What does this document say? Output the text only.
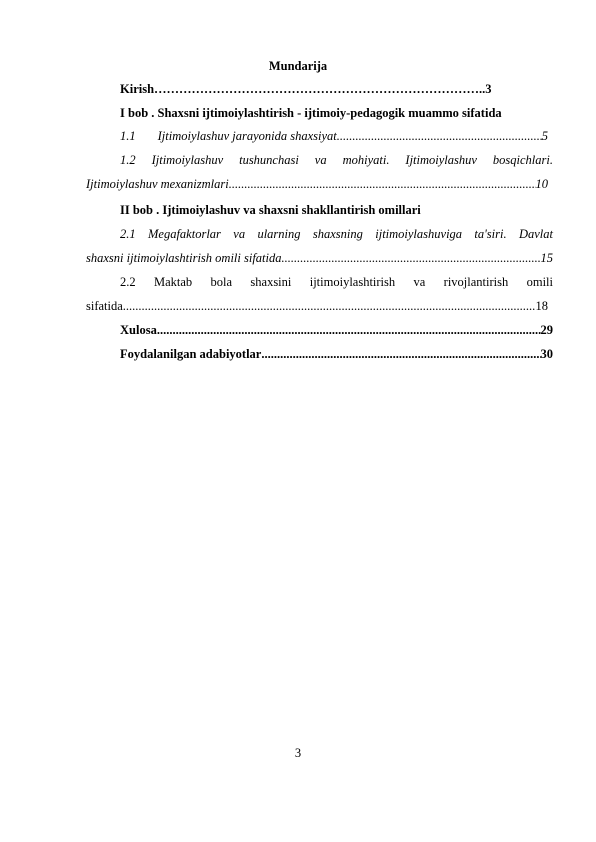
Mundarija
Kirish……………………………………………………………………..3
I bob . Shaxsni ijtimoiylashtirish - ijtimoiy-pedagogik muammo sifatida
1.1 Ijtimoiylashuv jarayonida shaxsiyat .....	5
1.2 Ijtimoiylashuv tushunchasi va mohiyati. Ijtimoiylashuv bosqichlari.
Ijtimoiylashuv mexanizmlari .....	10
II bob . Ijtimoiylashuv va shaxsni shakllantirish omillari
2.1 Megafaktorlar va ularning shaxsning ijtimoiylashuviga ta'siri. Davlat
shaxsni ijtimoiylashtirish omili sifatida .....	15
2.2 Maktab bola shaxsini ijtimoiylashtirish va rivojlantirish omili
sifatida .....	18
Xulosa .....	29
Foydalanilgan adabiyotlar .....	30
3
